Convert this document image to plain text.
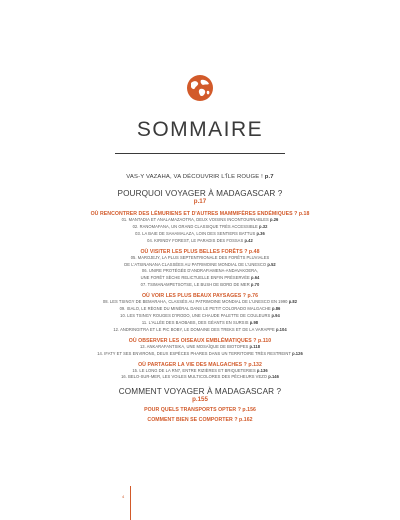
SOMMAIRE
VAS-Y VAZAHA, VA DÉCOUVRIR L'ÎLE ROUGE ! p.7
POURQUOI VOYAGER À MADAGASCAR ?
p.17
OÙ RENCONTRER DES LÉMURIENS ET D'AUTRES MAMMIFÈRES ENDÉMIQUES ? p.18
01. MANTADIA ET ANALAMAZAOTRA, DEUX VOISINS INCONTOURNABLES p.26
02. RANOMAFANA, UN GRAND CLASSIQUE TRÈS ACCESSIBLE p.32
03. LA BAIE DE SAHAMALAZA, LOIN DES SENTIERS BATTUS p.36
04. KIRINDY FOREST, LE PARADIS DES FOSSAS p.42
OÙ VISITER LES PLUS BELLES FORÊTS ? p.48
05. MAROJEJY, LA PLUS SEPTENTRIONALE DES FORÊTS PLUVIALES
DE L'ATSINANANA CLASSÉES AU PATRIMOINE MONDIAL DE L'UNESCO p.52
06. UNIRE PROTÉGÉE D'ANDRAFIAMENA-ANDAVAKOERA,
UNE FORÊT SÈCHE RELICTUELLE ENFIN PRÉSERVÉE p.64
07. TSIMANAMPETSOTSE, LE BUSH DE BORD DE MER p.70
OÙ VOIR LES PLUS BEAUX PAYSAGES ? p.76
08. LES TSINGY DE BEMARAHA, CLASSÉS AU PATRIMOINE MONDIAL DE L'UNESCO EN 1990 p.82
09. ISALO, LE RÈGNE DU MINÉRAL DANS LE PETIT COLORADO MALGACHE p.86
10. LES TSINGY ROUGES D'IRODO, UNE CHAUDE PALETTE DE COULEURS p.94
11. L'ALLÉE DES BAOBABS, DES GÉANTS EN SURSIS p.98
12. ANDRINGITRA ET LE PIC BOBY, LE DOMAINE DES TREKS ET DE LA VARAPPE p.104
OÙ OBSERVER LES OISEAUX EMBLÉMATIQUES ? p.110
13. ANKARAFANTSIKA, UNE MOSAÏQUE DE BIOTOPES p.118
14. IFATY ET SES ENVIRONS, DEUX ESPÈCES PHARES DANS UN TERRITOIRE TRÈS RESTREINT p.126
OÙ PARTAGER LA VIE DES MALGACHES ? p.132
15. LE LONG DE LA RN7, ENTRE RIZIÈRES ET BRIQUETERIES p.136
16. BELO-SUR-MER, LES VOILES MULTICOLORES DES PÊCHEURS VEZO p.146
COMMENT VOYAGER À MADAGASCAR ?
p.155
POUR QUELS TRANSPORTS OPTER ? p.156
COMMENT BIEN SE COMPORTER ? p.162
4
